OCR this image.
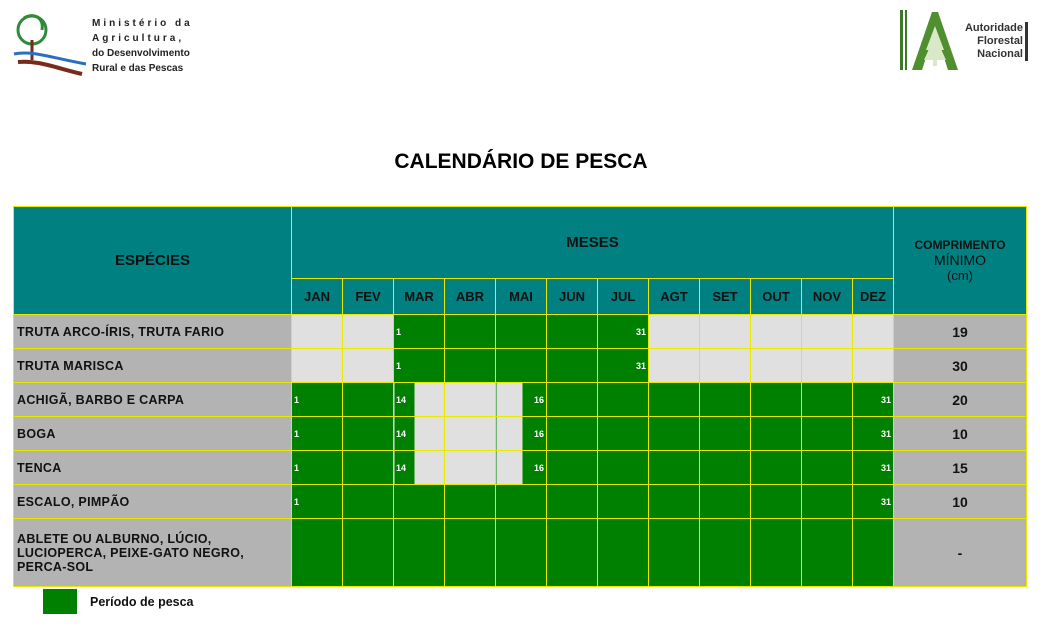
Ministério da
Agricultura,
do Desenvolvimento
Rural e das Pescas
Autoridade
Florestal
Nacional
CALENDÁRIO DE PESCA
ESPÉCIES	MESES												COMPRIMENTO
MÍNIMO
(cm)

	JAN	FEV	MAR	ABR	MAI	JUN	JUL	AGT	SET	OUT	NOV	DEZ	
TRUTA ARCO-ÍRIS, TRUTA FARIO			1				31						19
TRUTA MARISCA			1				31						30
ACHIGÃ, BARBO E CARPA	1		14		16							31	20
BOGA	1		14		16							31	10
TENCA	1		14		16							31	15
ESCALO, PIMPÃO	1											31	10
ABLETE OU ALBURNO, LÚCIO, LUCIOPERCA, PEIXE-GATO NEGRO, PERCA-SOL													-
Período de pesca
